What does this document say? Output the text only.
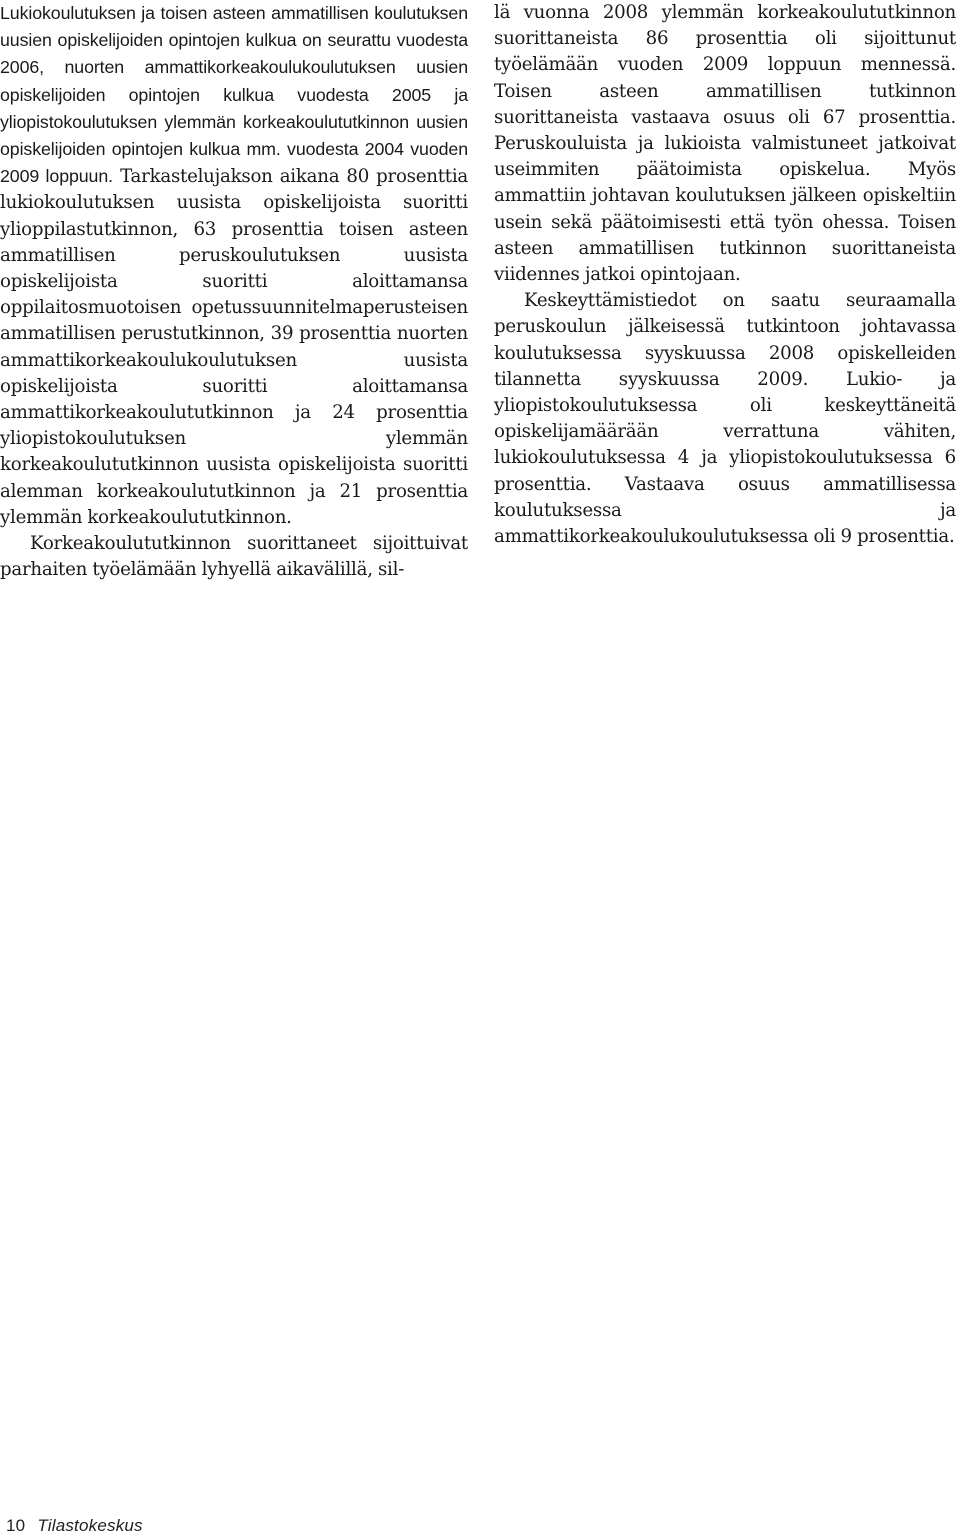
Lukiokoulutuksen ja toisen asteen ammatillisen koulutuksen uusien opiskelijoiden opintojen kulkua on seurattu vuodesta 2006, nuorten ammattikorkeakoulukoulutuksen uusien opiskelijoiden opintojen kulkua vuodesta 2005 ja yliopistokoulutuksen ylemmän korkeakoulututkinnon uusien opiskelijoiden opintojen kulkua mm. vuodesta 2004 vuoden 2009 loppuun. Tarkastelujakson aikana 80 prosenttia lukiokoulutuksen uusista opiskelijoista suoritti ylioppilastutkinnon, 63 prosenttia toisen asteen ammatillisen peruskoulutuksen uusista opiskelijoista suoritti aloittamansa oppilaitosmuotoisen opetussuunnitelmaperusteisen ammatillisen perustutkinnon, 39 prosenttia nuorten ammattikorkeakoulukoulutuksen uusista opiskelijoista suoritti aloittamansa ammattikorkeakoulututkinnon ja 24 prosenttia yliopistokoulutuksen ylemmän korkeakoulututkinnon uusista opiskelijoista suoritti alemman korkeakoulututkinnon ja 21 prosenttia ylemmän korkeakoulututkinnon.

Korkeakoulututkinnon suorittaneet sijoittuivat parhaiten työelämään lyhyellä aikavälillä, sil-

lä vuonna 2008 ylemmän korkeakoulututkinnon suorittaneista 86 prosenttia oli sijoittunut työelämään vuoden 2009 loppuun mennessä. Toisen asteen ammatillisen tutkinnon suorittaneista vastaava osuus oli 67 prosenttia. Peruskouluista ja lukioista valmistuneet jatkoivat useimmiten päätoimista opiskelua. Myös ammattiin johtavan koulutuksen jälkeen opiskeltiin usein sekä päätoimisesti että työn ohessa. Toisen asteen ammatillisen tutkinnon suorittaneista viidennes jatkoi opintojaan.

Keskeyttämistiedot on saatu seuraamalla peruskoulun jälkeisessä tutkintoon johtavassa koulutuksessa syyskuussa 2008 opiskelleiden tilannetta syyskuussa 2009. Lukio- ja yliopistokoulutuksessa oli keskeyttäneitä opiskelijamäärään verrattuna vähiten, lukiokoulutuksessa 4 ja yliopistokoulutuksessa 6 prosenttia. Vastaava osuus ammatillisessa koulutuksessa ja ammattikorkeakoulukoulutuksessa oli 9 prosenttia.

10 Tilastokeskus
